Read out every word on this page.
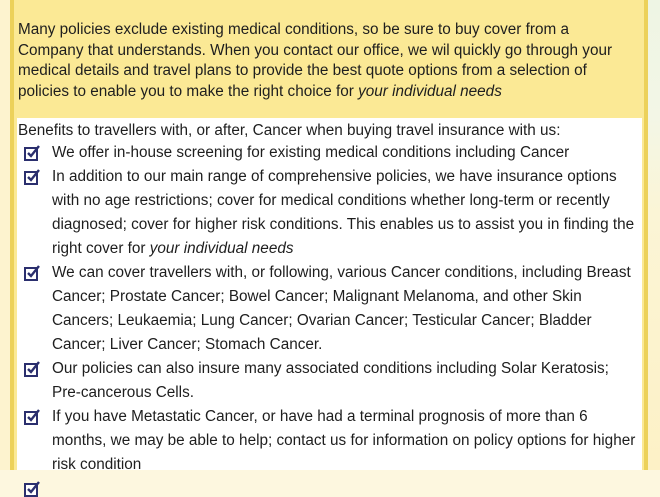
Many policies exclude existing medical conditions, so be sure to buy cover from a Company that understands. When you contact our office, we wil quickly go through your medical details and travel plans to provide the best quote options from a selection of policies to enable you to make the right choice for your individual needs

Benefits to travellers with, or after, Cancer when buying travel insurance with us:
We offer in-house screening for existing medical conditions including Cancer
In addition to our main range of comprehensive policies, we have insurance options with no age restrictions; cover for medical conditions whether long-term or recently diagnosed; cover for higher risk conditions. This enables us to assist you in finding the right cover for your individual needs
We can cover travellers with, or following, various Cancer conditions, including Breast Cancer; Prostate Cancer; Bowel Cancer; Malignant Melanoma, and other Skin Cancers; Leukaemia; Lung Cancer; Ovarian Cancer; Testicular Cancer; Bladder Cancer; Liver Cancer; Stomach Cancer.
Our policies can also insure many associated conditions including Solar Keratosis; Pre-cancerous Cells.
If you have Metastatic Cancer, or have had a terminal prognosis of more than 6 months, we may be able to help; contact us for information on policy options for higher risk condition
